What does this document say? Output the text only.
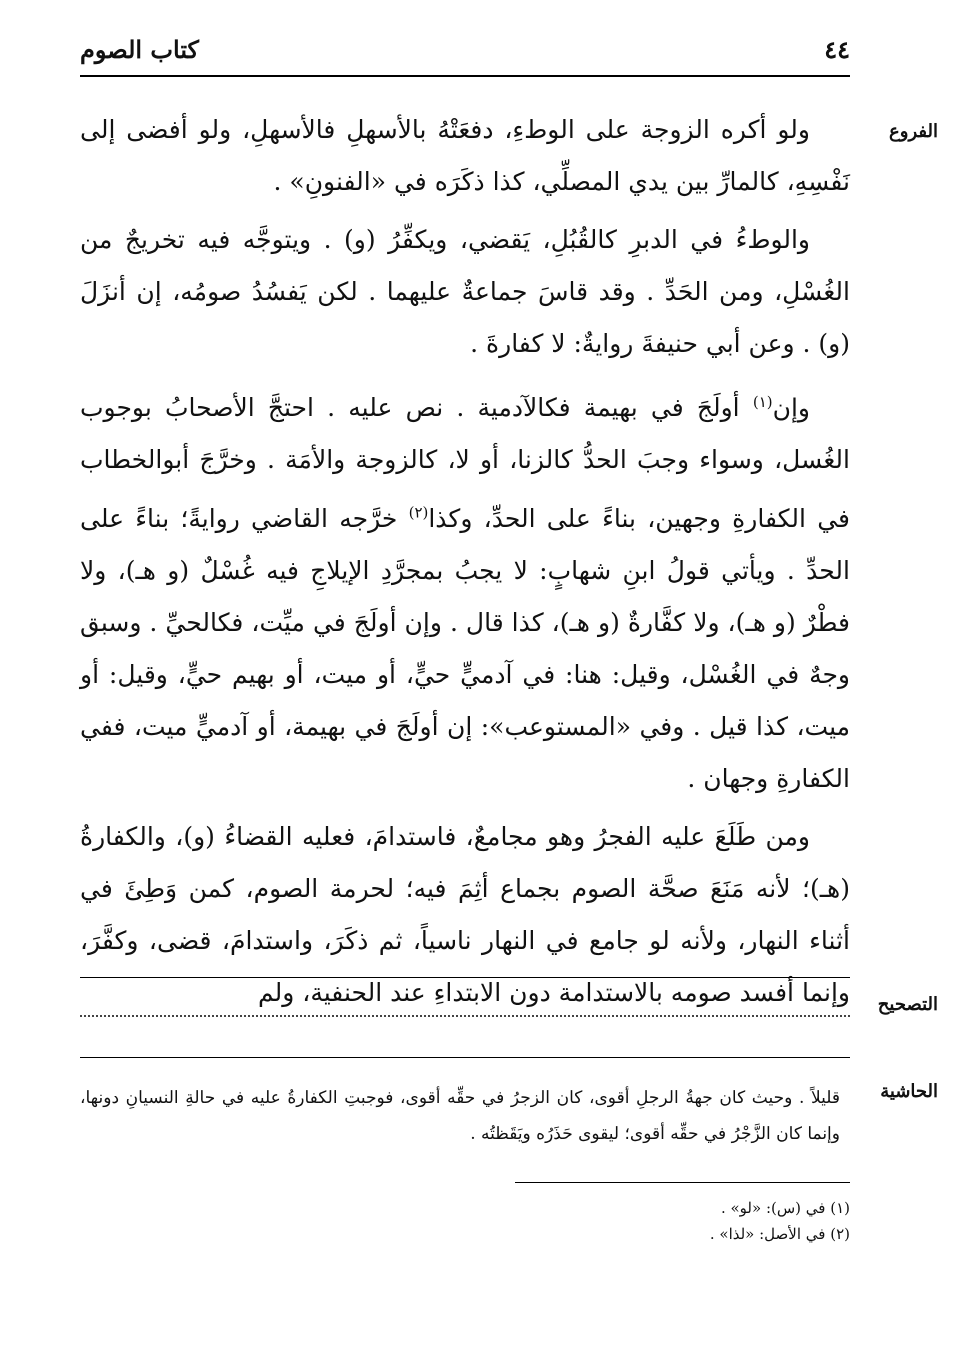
٤٤
كتاب الصوم
الفروع
التصحيح
الحاشية

ولو أكره الزوجة على الوطءِ، دفعَتْهُ بالأسهلِ فالأسهلِ، ولو أفضى إلى نَفْسِهِ، كالمارِّ بين يدي المصلِّي، كذا ذكَرَه في «الفنونِ» .

والوطءُ في الدبرِ كالقُبُلِ، يَقضي، ويكفِّرُ (و) . ويتوجَّه فيه تخريجٌ من الغُسْلِ، ومن الحَدِّ . وقد قاسَ جماعةٌ عليهما . لكن يَفسُدُ صومُه، إن أنزَلَ (و) . وعن أبي حنيفةَ روايةٌ: لا كفارةَ .

وإن$^{(١)}$ أولَجَ في بهيمة فكالآدمية . نص عليه . احتجَّ الأصحابُ بوجوب الغُسل، وسواء وجبَ الحدُّ كالزنا، أو لا، كالزوجة والأمَة . وخرَّجَ أبوالخطاب في الكفارةِ وجهين، بناءً على الحدِّ، وكذا$^{(٢)}$ خرَّجه القاضي روايةً؛ بناءً على الحدِّ . ويأتي قولُ ابنِ شهابٍ: لا يجبُ بمجرَّدِ الإيلاجِ فيه غُسْلٌ (و هـ)، ولا فطْرٌ (و هـ)، ولا كفَّارةٌ (و هـ)، كذا قال . وإن أولَجَ في ميِّت، فكالحيِّ . وسبق وجهٌ في الغُسْل، وقيل: هنا: في آدميٍّ حيٍّ، أو ميت، أو بهيم حيٍّ، وقيل: أو ميت، كذا قيل . وفي «المستوعب»: إن أولَجَ في بهيمة، أو آدميٍّ ميت، ففي الكفارةِ وجهان .

ومن طَلَعَ عليه الفجرُ وهو مجامعٌ، فاستدامَ، فعليه القضاءُ (و)، والكفارةُ (هـ)؛ لأنه مَنَعَ صحَّة الصوم بجماع أثِمَ فيه؛ لحرمة الصوم، كمن وَطِئَ في أثناء النهار، ولأنه لو جامع في النهار ناسياً، ثم ذكَرَ، واستدامَ، قضى، وكفَّرَ، وإنما أفسد صومه بالاستدامة دون الابتداءِ عند الحنفية، ولم

قليلاً . وحيث كان جهةُ الرجلِ أقوى، كان الزجرُ في حقِّه أقوى، فوجبتِ الكفارةُ عليه في حالةِ النسيانِ دونها، وإنما كان الزَّجْرُ في حقِّه أقوى؛ ليقوى حَذَرُه ويَقَظتُه .

(١) في (س): «لو» .
(٢) في الأصل: «لذا» .
